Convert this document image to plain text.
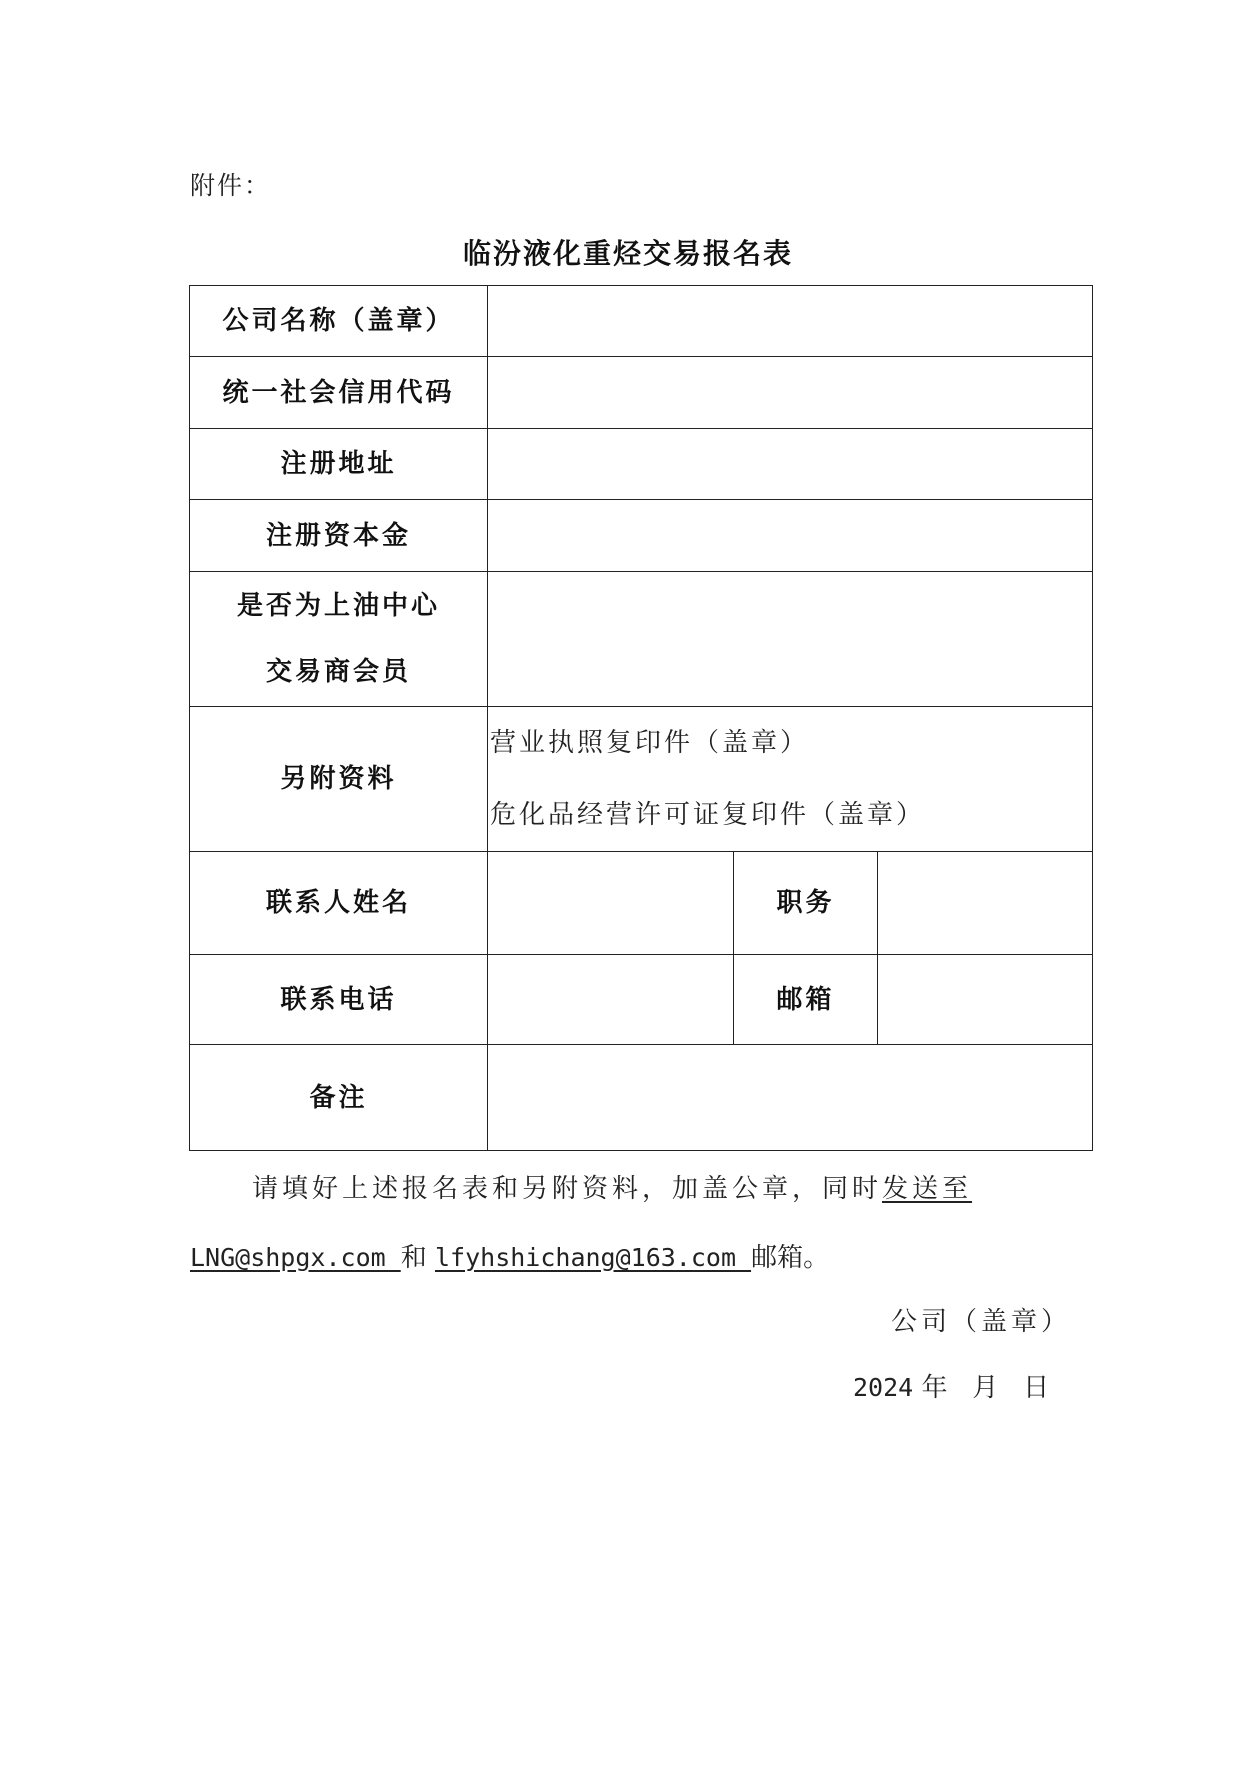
附件：
临汾液化重烃交易报名表
公司名称（盖章）			
统一社会信用代码			
注册地址			
注册资本金			

是否为上油中心
交易商会员			

另附资料	营业执照复印件（盖章）
危化品经营许可证复印件（盖章）		

联系人姓名		职务	
联系电话		邮箱	
备注			
请填好上述报名表和另附资料，加盖公章，同时发送至
LNG@shpgx.com 和 lfyhshichang@163.com 邮箱。
公司（盖章）
2024 年   月   日
